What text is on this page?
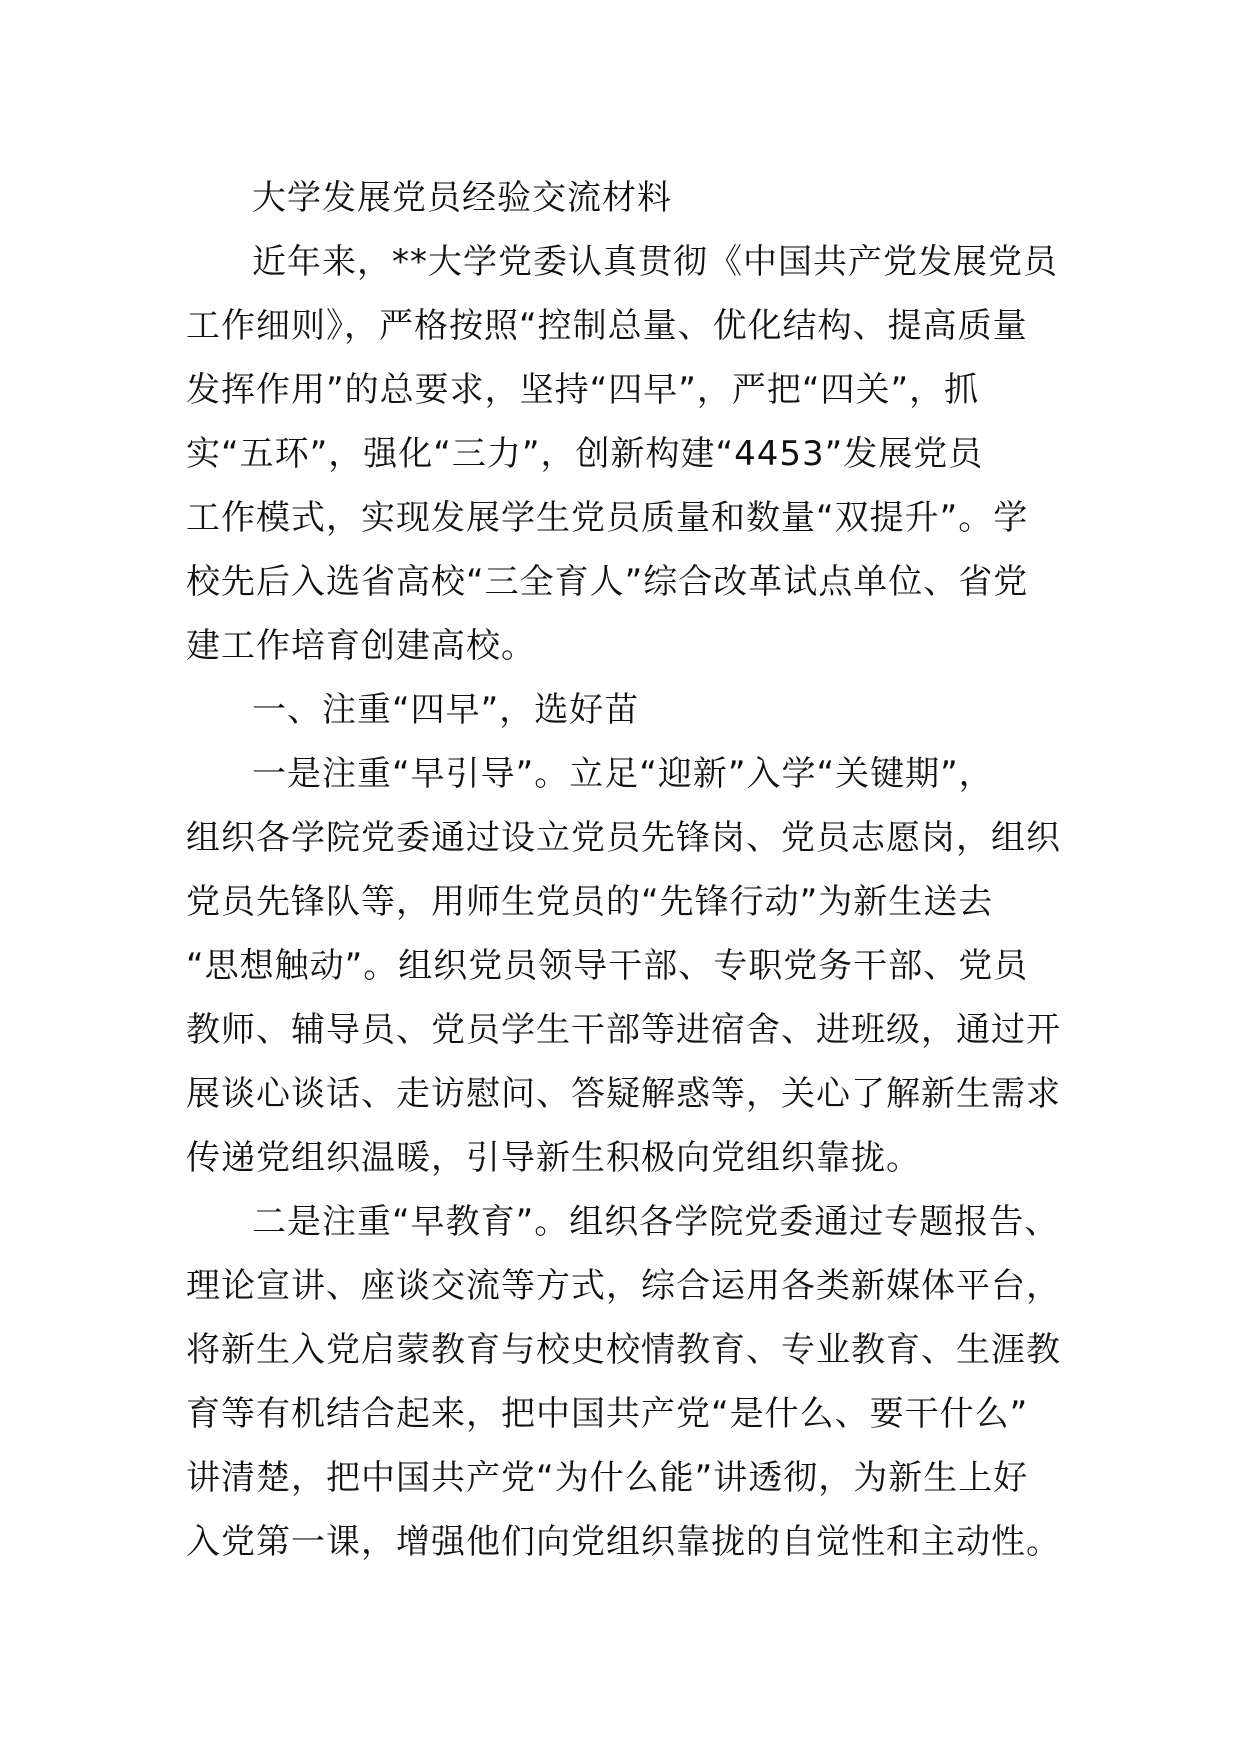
大学发展党员经验交流材料
近年来，**大学党委认真贯彻《中国共产党发展党员
工作细则》，严格按照“控制总量、优化结构、提高质量
发挥作用”的总要求，坚持“四早”，严把“四关”，抓
实“五环”，强化“三力”，创新构建“4453”发展党员
工作模式，实现发展学生党员质量和数量“双提升”。学
校先后入选省高校“三全育人”综合改革试点单位、省党
建工作培育创建高校。
一、注重“四早”，选好苗
一是注重“早引导”。立足“迎新”入学“关键期”，
组织各学院党委通过设立党员先锋岗、党员志愿岗，组织
党员先锋队等，用师生党员的“先锋行动”为新生送去
“思想触动”。组织党员领导干部、专职党务干部、党员
教师、辅导员、党员学生干部等进宿舍、进班级，通过开
展谈心谈话、走访慰问、答疑解惑等，关心了解新生需求
传递党组织温暖，引导新生积极向党组织靠拢。
二是注重“早教育”。组织各学院党委通过专题报告、
理论宣讲、座谈交流等方式，综合运用各类新媒体平台，
将新生入党启蒙教育与校史校情教育、专业教育、生涯教
育等有机结合起来，把中国共产党“是什么、要干什么”
讲清楚，把中国共产党“为什么能”讲透彻，为新生上好
入党第一课，增强他们向党组织靠拢的自觉性和主动性。
